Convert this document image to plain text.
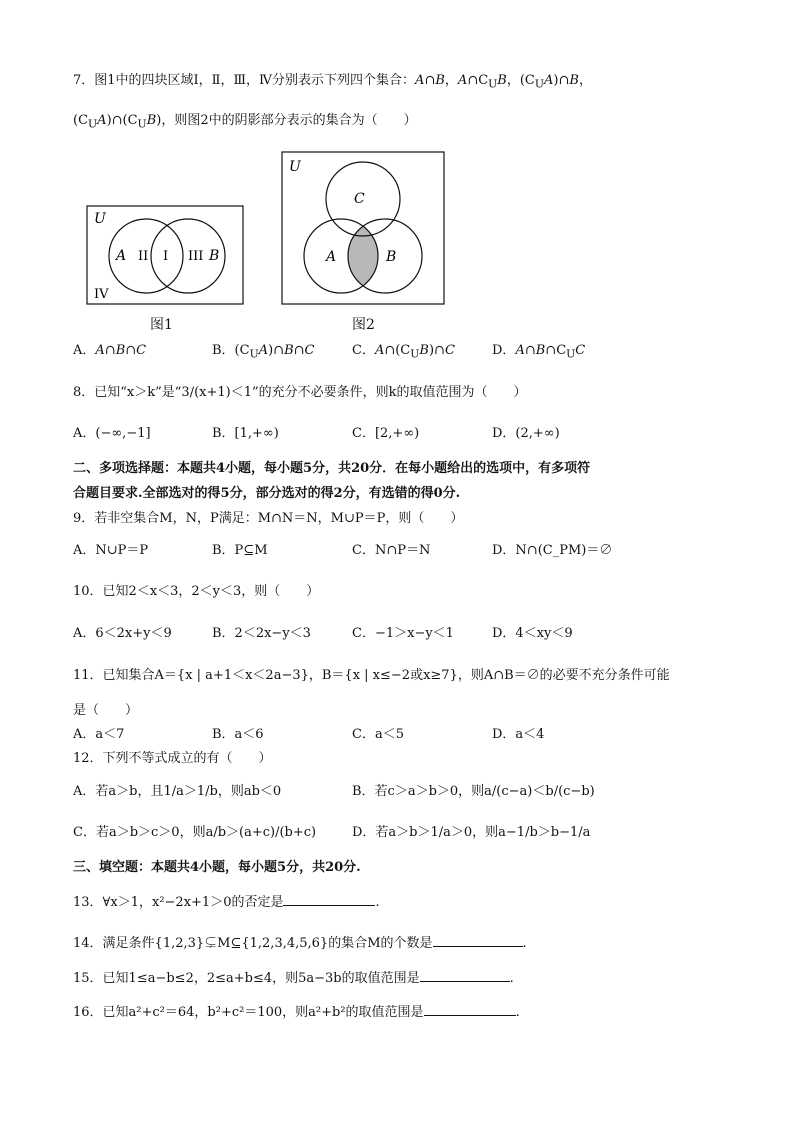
7．图1中的四块区域Ⅰ，Ⅱ，Ⅲ，Ⅳ分别表示下列四个集合：A∩B，$A\cap C_UB$，$(C_UA)\cap B$，
$(C_UA)\cap(C_UB)$，则图2中的阴影部分表示的集合为（　　）
U
A II I III B
IV
图1
U
C
A	B
图2
A．A∩B∩C	B．$(C_UA)\cap B\cap C$	C．$A\cap(C_UB)\cap C$	D．$A\cap B\cap C_UC$
8．已知“x＞k”是“3/(x+1)＜1”的充分不必要条件，则k的取值范围为（　　）
A．(−∞,−1]	B．[1,+∞)	C．[2,+∞)	D．(2,+∞)
二、多项选择题：本题共4小题，每小题5分，共20分．在每小题给出的选项中，有多项符
合题目要求.全部选对的得5分，部分选对的得2分，有选错的得0分.
9．若非空集合M，N，P满足：M∩N＝N，M∪P＝P，则（　　）
A．N∪P＝P	B．P⊆M	C．N∩P＝N	D．N∩(C_PM)＝∅
10．已知2＜x＜3，2＜y＜3，则（　　）
A．6＜2x+y＜9	B．2＜2x−y＜3	C．−1＞x−y＜1	D．4＜xy＜9
11．已知集合A＝{x | a+1＜x＜2a−3}，B＝{x | x≤−2或x≥7}，则A∩B＝∅的必要不充分条件可能
是（　　）
A．a＜7	B．a＜6	C．a＜5	D．a＜4
12．下列不等式成立的有（　　）
A．若a＞b，且1/a＞1/b，则ab＜0	B．若c＞a＞b＞0，则a/(c−a)＜b/(c−b)
C．若a＞b＞c＞0，则a/b＞(a+c)/(b+c)	D．若a＞b＞1/a＞0，则a−1/b＞b−1/a
三、填空题：本题共4小题，每小题5分，共20分.
13．∀x＞1，x²−2x+1＞0的否定是	.
14．满足条件{1,2,3}⊊M⊆{1,2,3,4,5,6}的集合M的个数是	.
15．已知1≤a−b≤2，2≤a+b≤4，则5a−3b的取值范围是	.
16．已知a²+c²＝64，b²+c²＝100，则a²+b²的取值范围是	.
